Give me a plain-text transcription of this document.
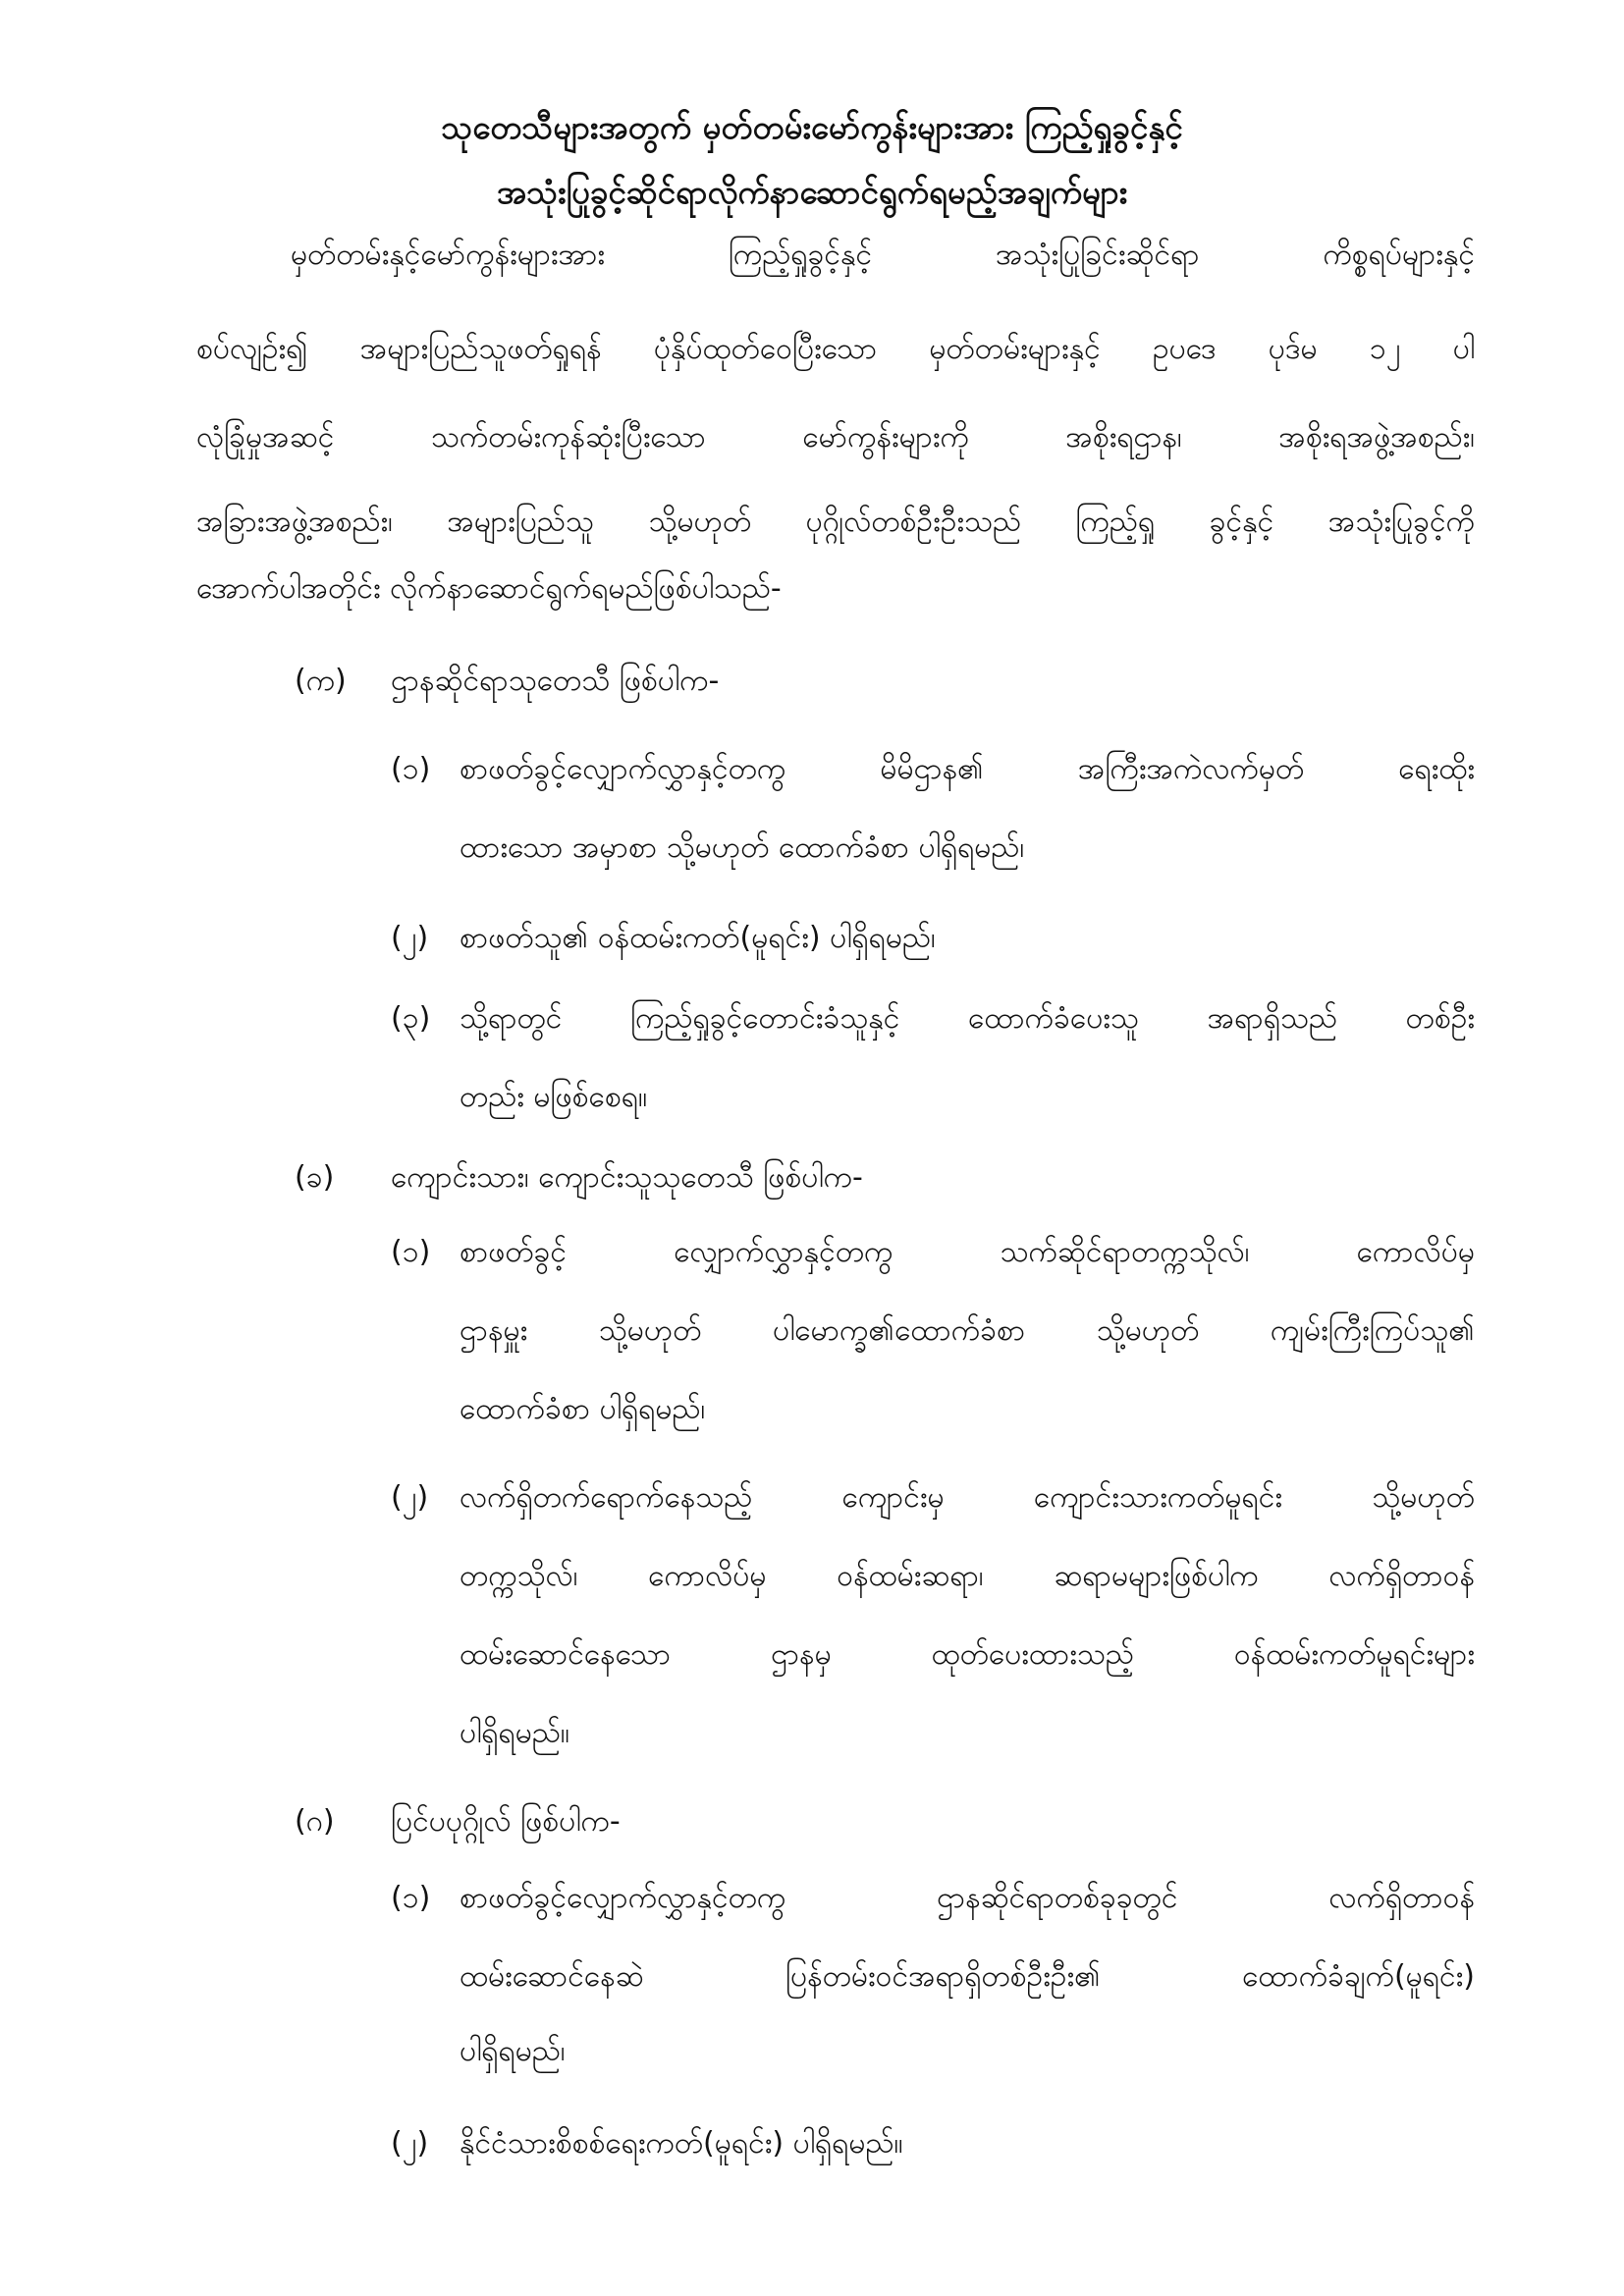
သုတေသီများအတွက် မှတ်တမ်းမော်ကွန်းများအား ကြည့်ရှုခွင့်နှင့်
အသုံးပြုခွင့်ဆိုင်ရာလိုက်နာဆောင်ရွက်ရမည့်အချက်များ
မှတ်တမ်းနှင့်မော်ကွန်းများအား ကြည့်ရှုခွင့်နှင့် အသုံးပြုခြင်းဆိုင်ရာ ကိစ္စရပ်များနှင့်
စပ်လျဉ်း၍ အများပြည်သူဖတ်ရှုရန် ပုံနှိပ်ထုတ်ဝေပြီးသော မှတ်တမ်းများနှင့် ဥပဒေ ပုဒ်မ ၁၂ ပါ
လုံခြုံမှုအဆင့် သက်တမ်းကုန်ဆုံးပြီးသော မော်ကွန်းများကို အစိုးရဌာန၊ အစိုးရအဖွဲ့အစည်း၊
အခြားအဖွဲ့အစည်း၊ အများပြည်သူ သို့မဟုတ် ပုဂ္ဂိုလ်တစ်ဦးဦးသည် ကြည့်ရှု ခွင့်နှင့် အသုံးပြုခွင့်ကို
အောက်ပါအတိုင်း လိုက်နာဆောင်ရွက်ရမည်ဖြစ်ပါသည်-
(က) ဌာနဆိုင်ရာသုတေသီ ဖြစ်ပါက-
(၁) စာဖတ်ခွင့်လျှောက်လွှာနှင့်တကွ မိမိဌာန၏ အကြီးအကဲလက်မှတ် ရေးထိုး
ထားသော အမှာစာ သို့မဟုတ် ထောက်ခံစာ ပါရှိရမည်၊
(၂) စာဖတ်သူ၏ ဝန်ထမ်းကတ်(မူရင်း) ပါရှိရမည်၊
(၃) သို့ရာတွင် ကြည့်ရှုခွင့်တောင်းခံသူနှင့် ထောက်ခံပေးသူ အရာရှိသည် တစ်ဦး
တည်း မဖြစ်စေရ။
(ခ) ကျောင်းသား၊ ကျောင်းသူသုတေသီ ဖြစ်ပါက-
(၁) စာဖတ်ခွင့် လျှောက်လွှာနှင့်တကွ သက်ဆိုင်ရာတက္ကသိုလ်၊ ကောလိပ်မှ
ဌာနမှူး သို့မဟုတ် ပါမောက္ခ၏ထောက်ခံစာ သို့မဟုတ် ကျမ်းကြီးကြပ်သူ၏
ထောက်ခံစာ ပါရှိရမည်၊
(၂) လက်ရှိတက်ရောက်နေသည့် ကျောင်းမှ ကျောင်းသားကတ်မူရင်း သို့မဟုတ်
တက္ကသိုလ်၊ ကောလိပ်မှ ဝန်ထမ်းဆရာ၊ ဆရာမများဖြစ်ပါက လက်ရှိတာဝန်
ထမ်းဆောင်နေသော ဌာနမှ ထုတ်ပေးထားသည့် ဝန်ထမ်းကတ်မူရင်းများ
ပါရှိရမည်။
(ဂ) ပြင်ပပုဂ္ဂိုလ် ဖြစ်ပါက-
(၁) စာဖတ်ခွင့်လျှောက်လွှာနှင့်တကွ ဌာနဆိုင်ရာတစ်ခုခုတွင် လက်ရှိတာဝန်
ထမ်းဆောင်နေဆဲ ပြန်တမ်းဝင်အရာရှိတစ်ဦးဦး၏ ထောက်ခံချက်(မူရင်း)
ပါရှိရမည်၊
(၂) နိုင်ငံသားစိစစ်ရေးကတ်(မူရင်း) ပါရှိရမည်။
